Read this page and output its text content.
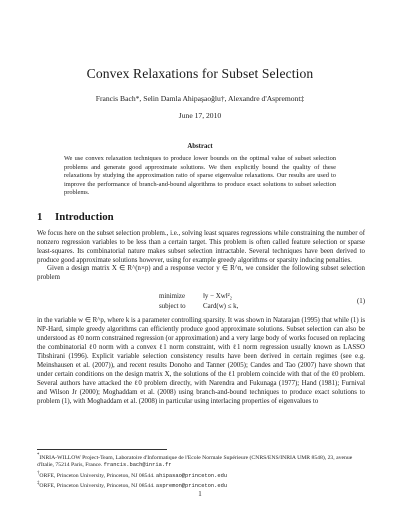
Convex Relaxations for Subset Selection
Francis Bach*, Selin Damla Ahipaşaoğlu†, Alexandre d'Aspremont‡
June 17, 2010
Abstract
We use convex relaxation techniques to produce lower bounds on the optimal value of subset selection problems and generate good approximate solutions. We then explicitly bound the quality of these relaxations by studying the approximation ratio of sparse eigenvalue relaxations. Our results are used to improve the performance of branch-and-bound algorithms to produce exact solutions to subset selection problems.
1 Introduction
We focus here on the subset selection problem., i.e., solving least squares regressions while constraining the number of nonzero regression variables to be less than a certain target. This problem is often called feature selection or sparse least-squares. Its combinatorial nature makes subset selection intractable. Several techniques have been derived to produce good approximate solutions however, using for example greedy algorithms or sparsity inducing penalties.
Given a design matrix X ∈ R^(n×p) and a response vector y ∈ R^n, we consider the following subset selection problem
minimize	‖y − Xw‖²₂
subject to	Card(w) ≤ k,
(1)
in the variable w ∈ R^p, where k is a parameter controlling sparsity. It was shown in Natarajan (1995) that while (1) is NP-Hard, simple greedy algorithms can efficiently produce good approximate solutions. Subset selection can also be understood as ℓ0 norm constrained regression (or approximation) and a very large body of works focused on replacing the combinatorial ℓ0 norm with a convex ℓ1 norm constraint, with ℓ1 norm regression usually known as LASSO Tibshirani (1996). Explicit variable selection consistency results have been derived in certain regimes (see e.g. Meinshausen et al. (2007)), and recent results Donoho and Tanner (2005); Candes and Tao (2007) have shown that under certain conditions on the design matrix X, the solutions of the ℓ1 problem coincide with that of the ℓ0 problem. Several authors have attacked the ℓ0 problem directly, with Narendra and Fukunaga (1977); Hand (1981); Furnival and Wilson Jr (2000); Moghaddam et al. (2008) using branch-and-bound techniques to produce exact solutions to problem (1), with Moghaddam et al. (2008) in particular using interlacing properties of eigenvalues to
*INRIA-WILLOW Project-Team, Laboratoire d'Informatique de l'Ecole Normale Supérieure (CNRS/ENS/INRIA UMR 8548), 23, avenue d'Italie, 75214 Paris, France. francis.bach@inria.fr
†ORFE, Princeton University, Princeton, NJ 08544. ahipasao@princeton.edu
‡ORFE, Princeton University, Princeton, NJ 08544. aspremon@princeton.edu
1
